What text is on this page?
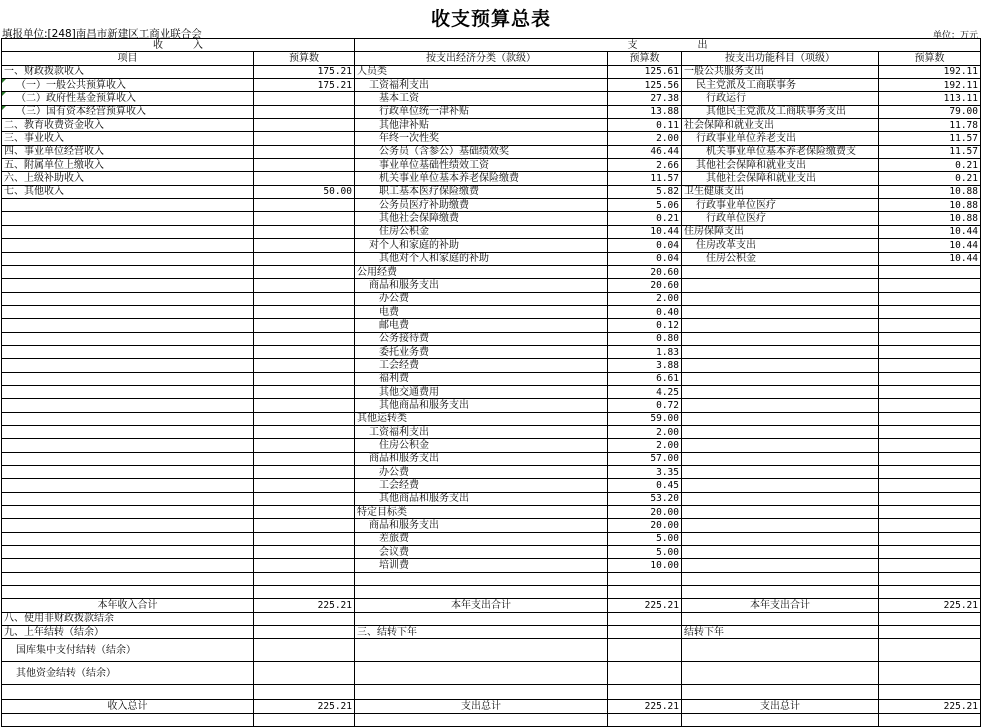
收支预算总表
填报单位:[248]南昌市新建区工商业联合会	单位：万元
收　　　入		支　　　　　　出			
项目	预算数	按支出经济分类（款级）	预算数	按支出功能科目（项级）	预算数
一、财政拨款收入	175.21	人员类	125.61	一般公共服务支出	192.11
（一）一般公共预算收入	175.21	工资福利支出	125.56	民主党派及工商联事务	192.11
（二）政府性基金预算收入		基本工资	27.38	行政运行	113.11
（三）国有资本经营预算收入		行政单位统一津补贴	13.88	其他民主党派及工商联事务支出	79.00
二、教育收费资金收入		其他津补贴	0.11	社会保障和就业支出	11.78
三、事业收入		年终一次性奖	2.00	行政事业单位养老支出	11.57
四、事业单位经营收入		公务员（含参公）基础绩效奖	46.44	机关事业单位基本养老保险缴费支	11.57
五、附属单位上缴收入		事业单位基础性绩效工资	2.66	其他社会保障和就业支出	0.21
六、上级补助收入		机关事业单位基本养老保险缴费	11.57	其他社会保障和就业支出	0.21
七、其他收入	50.00	职工基本医疗保险缴费	5.82	卫生健康支出	10.88
		公务员医疗补助缴费	5.06	行政事业单位医疗	10.88
		其他社会保障缴费	0.21	行政单位医疗	10.88
		住房公积金	10.44	住房保障支出	10.44
		对个人和家庭的补助	0.04	住房改革支出	10.44
		其他对个人和家庭的补助	0.04	住房公积金	10.44
		公用经费	20.60		
		商品和服务支出	20.60		
		办公费	2.00		
		电费	0.40		
		邮电费	0.12		
		公务接待费	0.80		
		委托业务费	1.83		
		工会经费	3.88		
		福利费	6.61		
		其他交通费用	4.25		
		其他商品和服务支出	0.72		
		其他运转类	59.00		
		工资福利支出	2.00		
		住房公积金	2.00		
		商品和服务支出	57.00		
		办公费	3.35		
		工会经费	0.45		
		其他商品和服务支出	53.20		
		特定目标类	20.00		
		商品和服务支出	20.00		
		差旅费	5.00		
		会议费	5.00		
		培训费	10.00		

本年收入合计	225.21	本年支出合计	225.21	本年支出合计	225.21
八、使用非财政拨款结余					
九、上年结转（结余）		三、结转下年		结转下年	
国库集中支付结转（结余）					
其他资金结转（结余）					

收入总计	225.21	支出总计	225.21	支出总计	225.21
